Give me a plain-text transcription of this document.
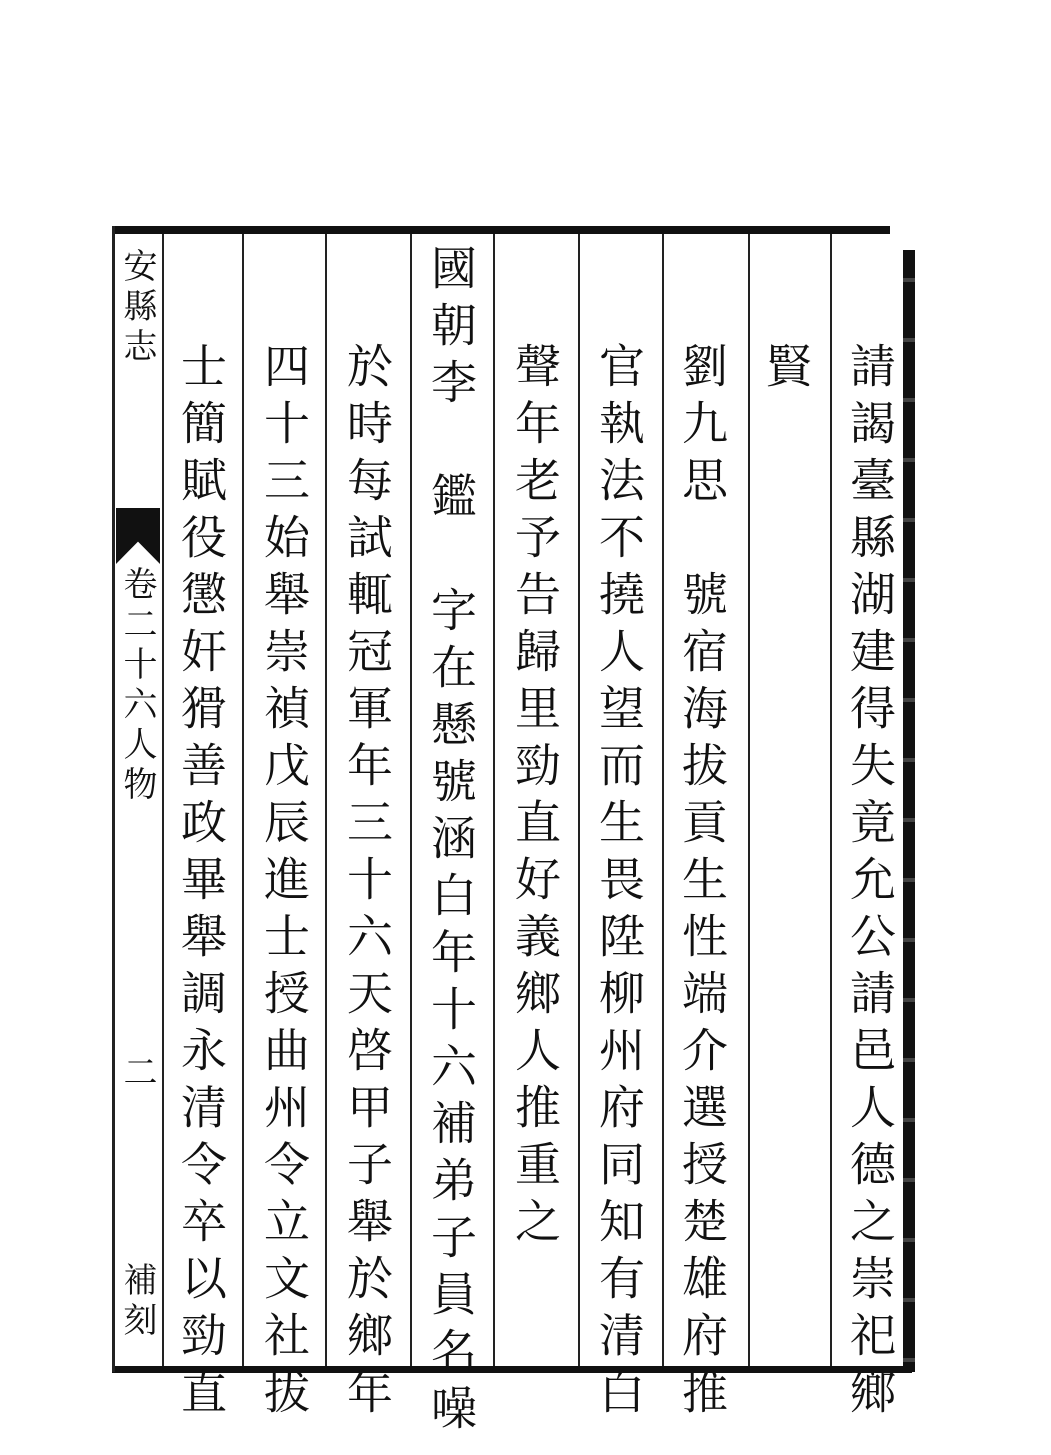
安縣志
卷二十六人物
二
補刻	請謁臺縣湖建得失竟允公請邑人德之崇祀鄉
賢
劉九思　號宿海拔貢生性端介選授楚雄府推
官執法不撓人望而生畏陞柳州府同知有清白
聲年老予告歸里勁直好義鄉人推重之
國朝李　鑑　字在懸號涵白年十六補弟子員名噪
於時每試輒冠軍年三十六天啓甲子舉於鄉年
四十三始舉崇禎戊辰進士授曲州令立文社拔
士簡賦役懲奸猾善政畢舉調永清令卒以勁直
